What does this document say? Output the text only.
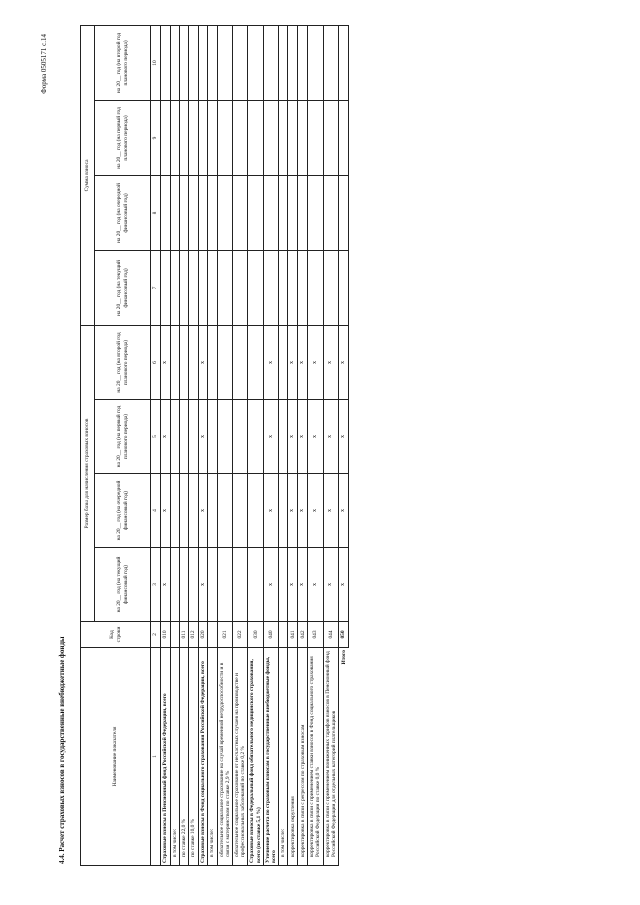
Форма 0505171 с.14
4.4. Расчет страховых взносов в государственные внебюджетные фонды	Наименование показателя	Код строки	Размер базы для начисления страховых взносов				Сумма взноса			
		на 20__ год (на текущий финансовый год)	на 20__ год (на очередной финансовый год)	на 20__ год (на первый год планового периода)	на 20__ год (на второй год планового периода)	на 20__ год (на текущий финансовый год)	на 20__ год (на очередной финансовый год)	на 20__ год (на первый год планового периода)	на 20__ год (на второй год планового периода)
1	2	3	4	5	6	7	8	9	10
Страховые взносы в Пенсионный фонд Российской Федерации, всего	010	x	x	x	x				
в том числе:									
по ставке 22,0 %	011								
по ставке 10,0 %	012								
Страховые взносы в Фонд социального страхования Российской Федерации, всего	020	x	x	x	x				
в том числе:									
обязательное социальное страхование на случай временной нетрудоспособности и в связи с материнством по ставке 2,9 %	021								
обязательное социальное страхование от несчастных случаев на производстве и профессиональных заболеваний по ставке 0,2 %	022								
Страховые взносы в Федеральный фонд обязательного медицинского страхования, всего (по ставке 5,1 %)	030								
Уточнение расчета по страховым взносам в государственные внебюджетные фонды, всего	040	x	x	x	x				
в том числе:									
корректировка округления	041	x	x	x	x				
корректировка в связи с регрессом по страховым взносам	042	x	x	x	x				
корректировка в связи с применением ставки взносов в Фонд социального страхования Российской Федерации по ставке 0,0 %	043	x	x	x	x				
корректировка в связи с применением пониженных тарифов взносов в Пенсионный фонд Российской Федерации для отдельных категорий плательщиков	044	x	x	x	x				
Итого	050	x	x	x	x				
